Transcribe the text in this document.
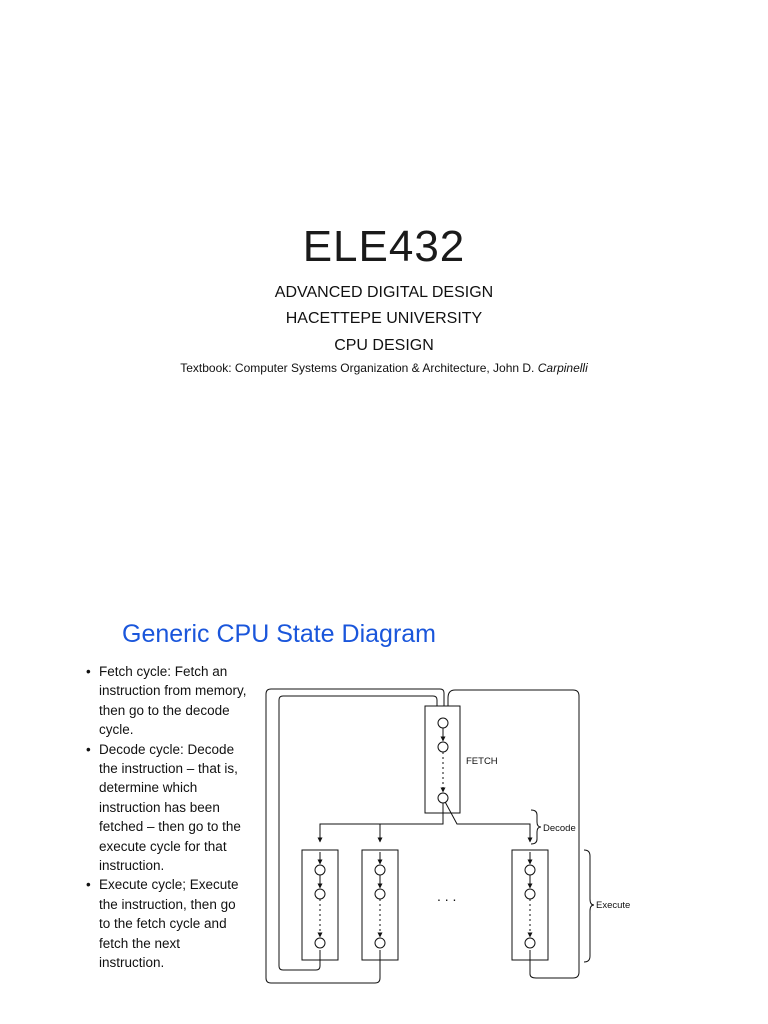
ELE432
ADVANCED DIGITAL DESIGN
HACETTEPE UNIVERSITY
CPU DESIGN
Textbook: Computer Systems Organization & Architecture, John D. Carpinelli
Generic CPU State Diagram
• Fetch cycle: Fetch an instruction from memory, then go to the decode cycle.
• Decode cycle: Decode the instruction – that is, determine which instruction has been fetched – then go to the execute cycle for that instruction.
• Execute cycle; Execute the instruction, then go to the fetch cycle and fetch the next instruction.
FETCH
. . .
Decode
Execute
